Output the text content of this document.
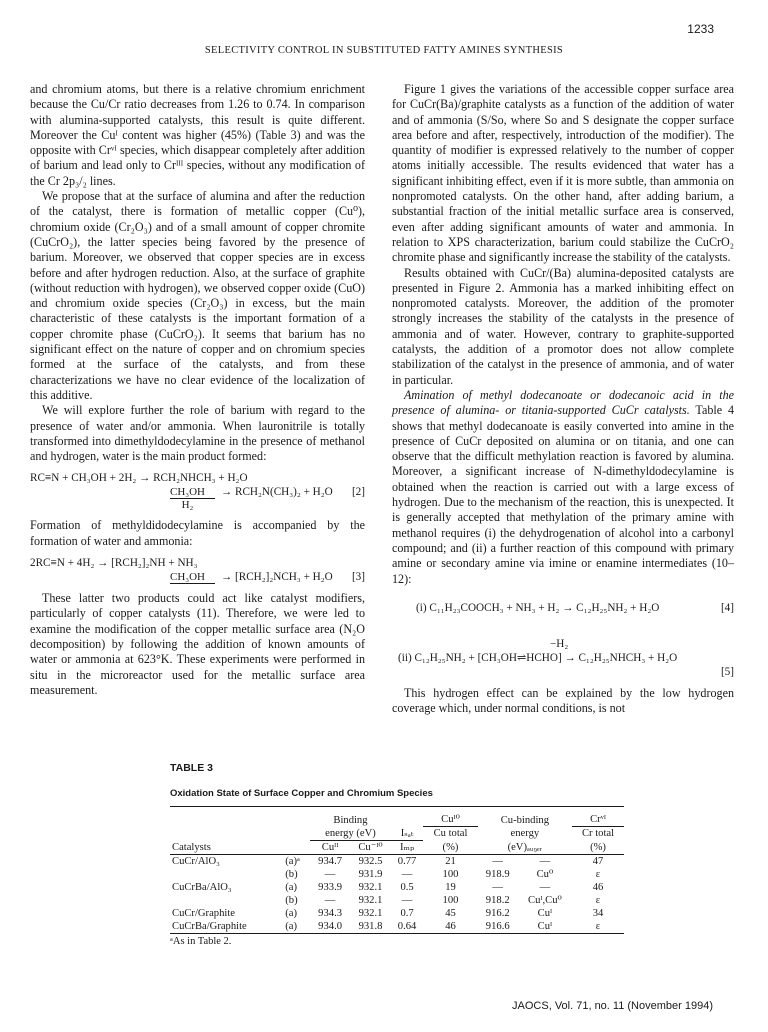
1233
SELECTIVITY CONTROL IN SUBSTITUTED FATTY AMINES SYNTHESIS

and chromium atoms, but there is a relative chromium enrichment because the Cu/Cr ratio decreases from 1.26 to 0.74. In comparison with alumina-supported catalysts, this result is quite different. Moreover the Cuᴵ content was higher (45%) (Table 3) and was the opposite with Crᵛᴵ species, which disappear completely after addition of barium and lead only to Crᴵᴵᴵ species, without any modification of the Cr 2p₃/₂ lines.

We propose that at the surface of alumina and after the reduction of the catalyst, there is formation of metallic copper (Cu⁰), chromium oxide (Cr₂O₃) and of a small amount of copper chromite (CuCrO₂), the latter species being favored by the presence of barium. Moreover, we observed that copper species are in excess before and after hydrogen reduction. Also, at the surface of graphite (without reduction with hydrogen), we observed copper oxide (CuO) and chromium oxide species (Cr₂O₃) in excess, but the main characteristic of these catalysts is the important formation of a copper chromite phase (CuCrO₂). It seems that barium has no significant effect on the nature of copper and on chromium species formed at the surface of the catalysts, and from these characterizations we have no clear evidence of the localization of this additive.

We will explore further the role of barium with regard to the presence of water and/or ammonia. When lauronitrile is totally transformed into dimethyldodecylamine in the presence of methanol and hydrogen, water is the main product formed:

RC≡N + CH₃OH + 2H₂ → RCH₂NHCH₃ + H₂O
$\frac{\text{CH₃OH}}{\text{H₂}} \to RCH_2N(CH_3)_2 + H_2O$ [2]

Formation of methyldidodecylamine is accompanied by the formation of water and ammonia:

2RC≡N + 4H₂ → [RCH₂]₂NH + NH₃
CH₃OH	→ [RCH₂]₂NCH₃ + H₂O [3]

These latter two products could act like catalyst modifiers, particularly of copper catalysts (11). Therefore, we were led to examine the modification of the copper metallic surface area (N₂O decomposition) by following the addition of known amounts of water or ammonia at 623°K. These experiments were performed in situ in the microreactor used for the metallic surface area measurement.

Figure 1 gives the variations of the accessible copper surface area for CuCr(Ba)/graphite catalysts as a function of the addition of water and of ammonia (S/So, where So and S designate the copper surface area before and after, respectively, introduction of the modifier). The quantity of modifier is expressed relatively to the number of copper atoms initially accessible. The results evidenced that water has a significant inhibiting effect, even if it is more subtle, than ammonia on nonpromoted catalysts. On the other hand, after adding barium, a substantial fraction of the initial metallic surface area is conserved, even after adding significant amounts of water and ammonia. In relation to XPS characterization, barium could stabilize the CuCrO₂ chromite phase and significantly increase the stability of the catalysts.

Results obtained with CuCr/(Ba) alumina-deposited catalysts are presented in Figure 2. Ammonia has a marked inhibiting effect on nonpromoted catalysts. Moreover, the addition of the promoter strongly increases the stability of the catalysts in the presence of ammonia and of water. However, contrary to graphite-supported catalysts, the addition of a promotor does not allow complete stabilization of the catalyst in the presence of ammonia, and of water in particular.

Amination of methyl dodecanoate or dodecanoic acid in the presence of alumina- or titania-supported CuCr catalysts. Table 4 shows that methyl dodecanoate is easily converted into amine in the presence of CuCr deposited on alumina or on titania, and one can observe that the difficult methylation reaction is favored by alumina. Moreover, a significant increase of N-dimethyldodecylamine is obtained when the reaction is carried out with a large excess of hydrogen. Due to the mechanism of the reaction, this is unexpected. It is generally accepted that methylation of the primary amine with methanol requires (i) the dehydrogenation of alcohol into a carbonyl compound; and (ii) a further reaction of this compound with primary amine or secondary amine via imine or enamine intermediates (10–12):

(i) C₁₁H₂₃COOCH₃ + NH₃ + H₂ → C₁₂H₂₅NH₂ + H₂O	[4]
−H₂
(ii) C₁₂H₂₅NH₂ + [CH₃OH⇌HCHO] → C₁₂H₂₅NHCH₃ + H₂O
[5]

This hydrogen effect can be explained by the low hydrogen coverage which, under normal conditions, is not

TABLE 3
Oxidation State of Surface Copper and Chromium Species
		Binding			Cuᴵ⁰	Cu-binding		Crᵛᴵ
		energy (eV)		Iₛₐₜ	Cu total	energy		Cr total
Catalysts		Cuᴵᴵ	Cu⁻ᴵ⁰	Iₘₚ	(%)	(eV)ₐᵤ₉ₑᵣ		(%)
CuCr/AlO₃	(a)ᵃ	934.7	932.5	0.77	21	—	—	47
	(b)	—	931.9	—	100	918.9	Cu⁰	ε
CuCrBa/AlO₃	(a)	933.9	932.1	0.5	19	—	—	46
	(b)	—	932.1	—	100	918.2	Cuᴵ,Cu⁰	ε
CuCr/Graphite	(a)	934.3	932.1	0.7	45	916.2	Cuᴵ	34
CuCrBa/Graphite	(a)	934.0	931.8	0.64	46	916.6	Cuᴵ	ε
ᵃAs in Table 2.
JAOCS, Vol. 71, no. 11 (November 1994)
